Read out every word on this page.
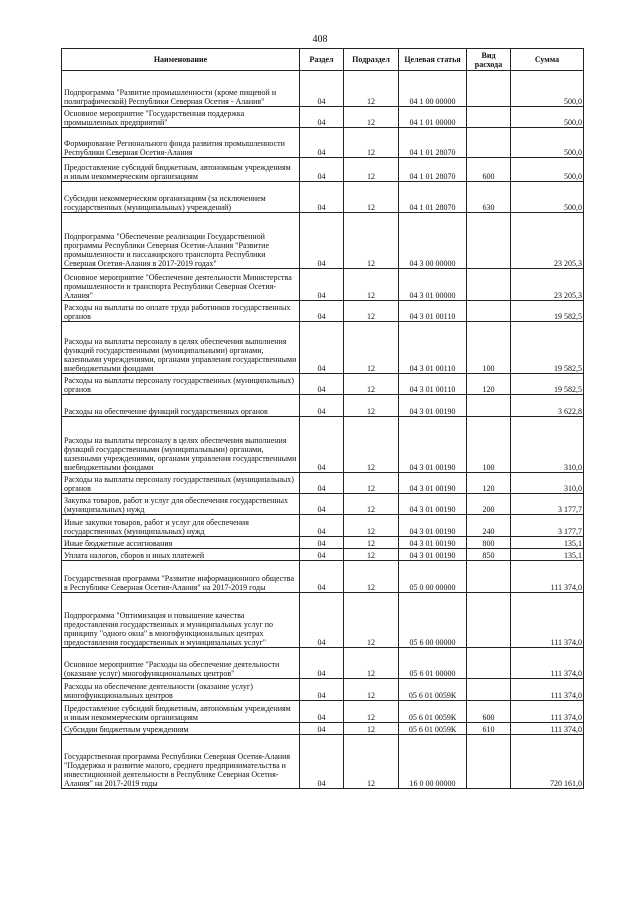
408
Наименование	Раздел	Подраздел	Целевая статья	Вид расхода	Сумма
Подпрограмма "Развитие промышленности (кроме пищевой и полиграфической) Республики Северная Осетия - Алания"	04	12	04 1 00 00000		500,0
Основное мероприятие "Государственная поддержка промышленных предприятий"	04	12	04 1 01 00000		500,0
Формирование Регионального фонда развития промышленности Республики Северная Осетия-Алания	04	12	04 1 01 28070		500,0
Предоставление субсидий бюджетным, автономным учреждениям и иным некоммерческим организациям	04	12	04 1 01 28070	600	500,0
Субсидии некоммерческим организациям (за исключением государственных (муниципальных) учреждений)	04	12	04 1 01 28070	630	500,0
Подпрограмма "Обеспечение реализации Государственной программы Республики Северная Осетия-Алания "Развитие промышленности и пассажирского транспорта Республики Северная Осетия-Алания в 2017-2019 годах"	04	12	04 3 00 00000		23 205,3
Основное мероприятие "Обеспечение деятельности Министерства промышленности и транспорта Республики Северная Осетия-Алания"	04	12	04 3 01 00000		23 205,3
Расходы на выплаты по оплате труда работников государственных органов	04	12	04 3 01 00110		19 582,5
Расходы на выплаты персоналу в целях обеспечения выполнения функций государственными (муниципальными) органами, казенными учреждениями, органами управления государственными внебюджетными фондами	04	12	04 3 01 00110	100	19 582,5
Расходы на выплаты персоналу государственных (муниципальных) органов	04	12	04 3 01 00110	120	19 582,5
Расходы на обеспечение функций государственных органов	04	12	04 3 01 00190		3 622,8
Расходы на выплаты персоналу в целях обеспечения выполнения функций государственными (муниципальными) органами, казенными учреждениями, органами управления государственными внебюджетными фондами	04	12	04 3 01 00190	100	310,0
Расходы на выплаты персоналу государственных (муниципальных) органов	04	12	04 3 01 00190	120	310,0
Закупка товаров, работ и услуг для обеспечения государственных (муниципальных) нужд	04	12	04 3 01 00190	200	3 177,7
Иные закупки товаров, работ и услуг для обеспечения государственных (муниципальных) нужд	04	12	04 3 01 00190	240	3 177,7
Иные бюджетные ассигнования	04	12	04 3 01 00190	800	135,1
Уплата налогов, сборов и иных платежей	04	12	04 3 01 00190	850	135,1
Государственная программа "Развитие информационного общества в Республике Северная Осетия-Алания" на 2017-2019 годы	04	12	05 0 00 00000		111 374,0
Подпрограмма "Оптимизация и повышение качества предоставления государственных и муниципальных услуг по принципу "одного окна" в многофункциональных центрах предоставления государственных и муниципальных услуг"	04	12	05 6 00 00000		111 374,0
Основное мероприятие "Расходы на обеспечение деятельности (оказание услуг) многофункциональных центров"	04	12	05 6 01 00000		111 374,0
Расходы на обеспечение деятельности (оказание услуг) многофункциональных центров	04	12	05 6 01 0059К		111 374,0
Предоставление субсидий бюджетным, автономным учреждениям и иным некоммерческим организациям	04	12	05 6 01 0059К	600	111 374,0
Субсидии бюджетным учреждениям	04	12	05 6 01 0059К	610	111 374,0
Государственная программа Республики Северная Осетия-Алания "Поддержка и развитие малого, среднего предпринимательства и инвестиционной деятельности в Республике Северная Осетия-Алания" на 2017-2019 годы	04	12	16 0 00 00000		720 161,0
